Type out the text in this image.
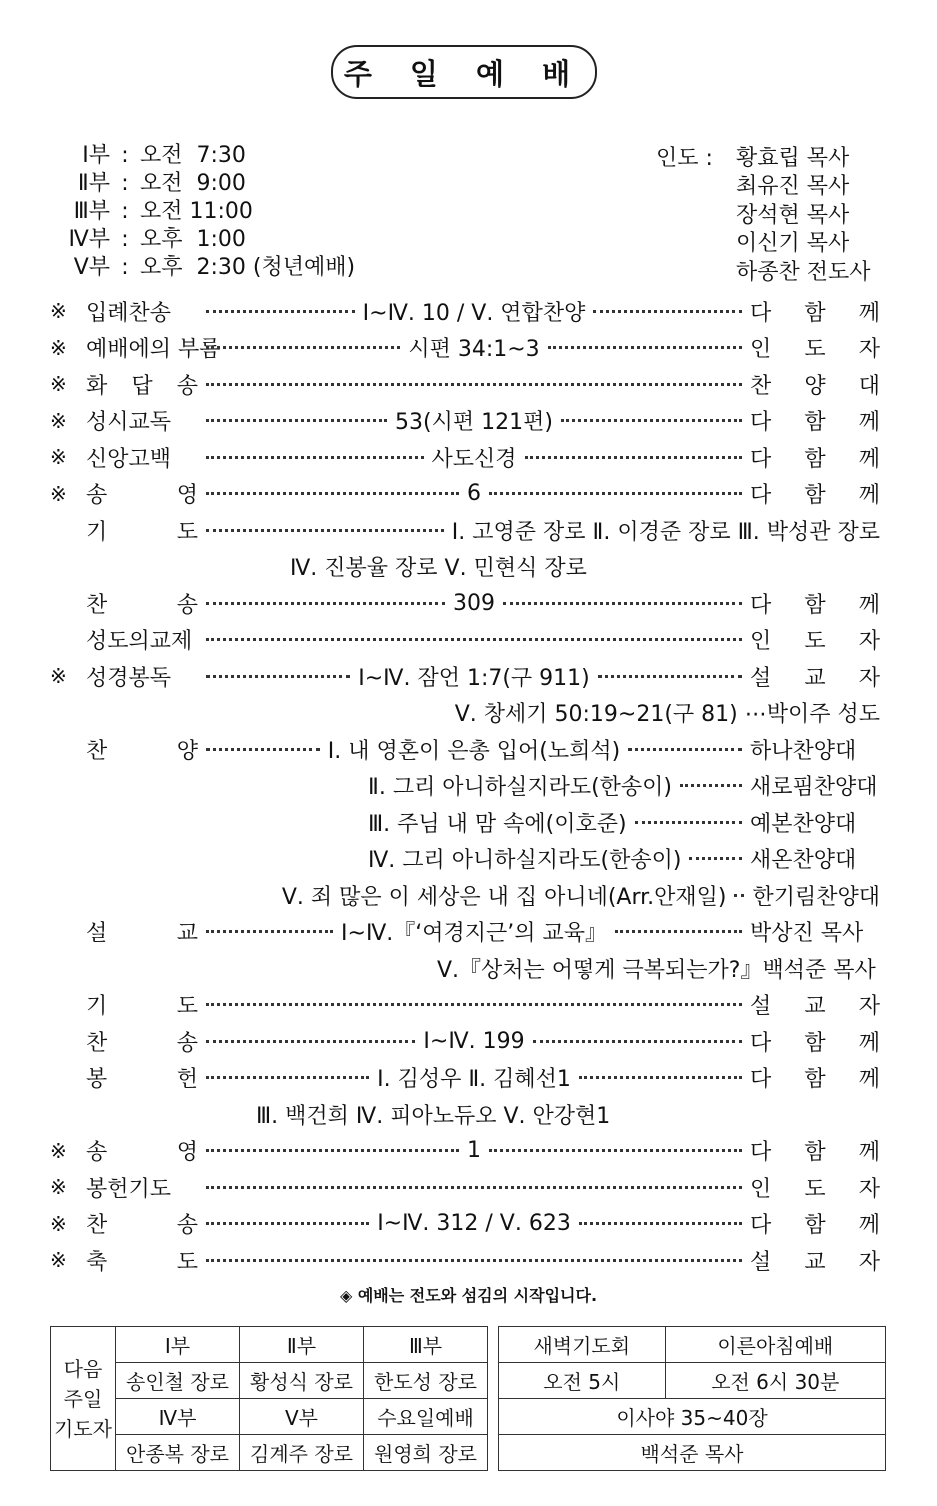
주 일 예 배
Ⅰ부 : 오전  7:30
Ⅱ부 : 오전  9:00
Ⅲ부 : 오전 11:00
Ⅳ부 : 오후  1:00
Ⅴ부 : 오후  2:30 (청년예배)
인도 :	황효립 목사
최유진 목사
장석현 목사
이신기 목사
하종찬 전도사
※ 입례찬송	Ⅰ~Ⅳ. 10 / Ⅴ. 연합찬양	다 함 께
※ 예배에의 부름	시편 34:1~3	인 도 자
※ 화 답 송	찬 양 대
※ 성시교독	53(시편 121편)	다 함 께
※ 신앙고백	사도신경	다 함 께
※ 송	영	6	다 함 께
기	도	Ⅰ. 고영준 장로 Ⅱ. 이경준 장로 Ⅲ. 박성관 장로
Ⅳ. 진봉율 장로 Ⅴ. 민현식 장로
찬	송	309	다 함 께
성도의교제	인 도 자
※ 성경봉독	Ⅰ~Ⅳ. 잠언 1:7(구 911)	설 교 자
Ⅴ. 창세기 50:19~21(구 81) ⋯ 박이주 성도
찬	양	Ⅰ. 내 영혼이 은총 입어(노희석)	하나찬양대
Ⅱ. 그리 아니하실지라도(한송이)	새로핌찬양대
Ⅲ. 주님 내 맘 속에(이호준)	예본찬양대
Ⅳ. 그리 아니하실지라도(한송이)	새온찬양대
Ⅴ. 죄 많은 이 세상은 내 집 아니네(Arr.안재일) 한기림찬양대
설	교	Ⅰ~Ⅳ.『‘여경지근’의 교육』	박상진 목사
Ⅴ.『상처는 어떻게 극복되는가?』 백석준 목사
기	도	설 교 자
찬	송	Ⅰ~Ⅳ. 199	다 함 께
봉	헌	Ⅰ. 김성우 Ⅱ. 김혜선1	다 함 께
Ⅲ. 백건희 Ⅳ. 피아노듀오 Ⅴ. 안강현1
※ 송	영	1	다 함 께
※ 봉헌기도	인 도 자
※ 찬	송	Ⅰ~Ⅳ. 312 / Ⅴ. 623	다 함 께
※ 축	도	설 교 자
◈ 예배는 전도와 섬김의 시작입니다.
다음
주일
기도자	Ⅰ부	Ⅱ부	Ⅲ부
	송인철 장로	황성식 장로	한도성 장로
	Ⅳ부	Ⅴ부	수요일예배
	안종복 장로	김계주 장로	원영희 장로
새벽기도회	이른아침예배
오전 5시	오전 6시 30분
이사야 35~40장	
백석준 목사	
